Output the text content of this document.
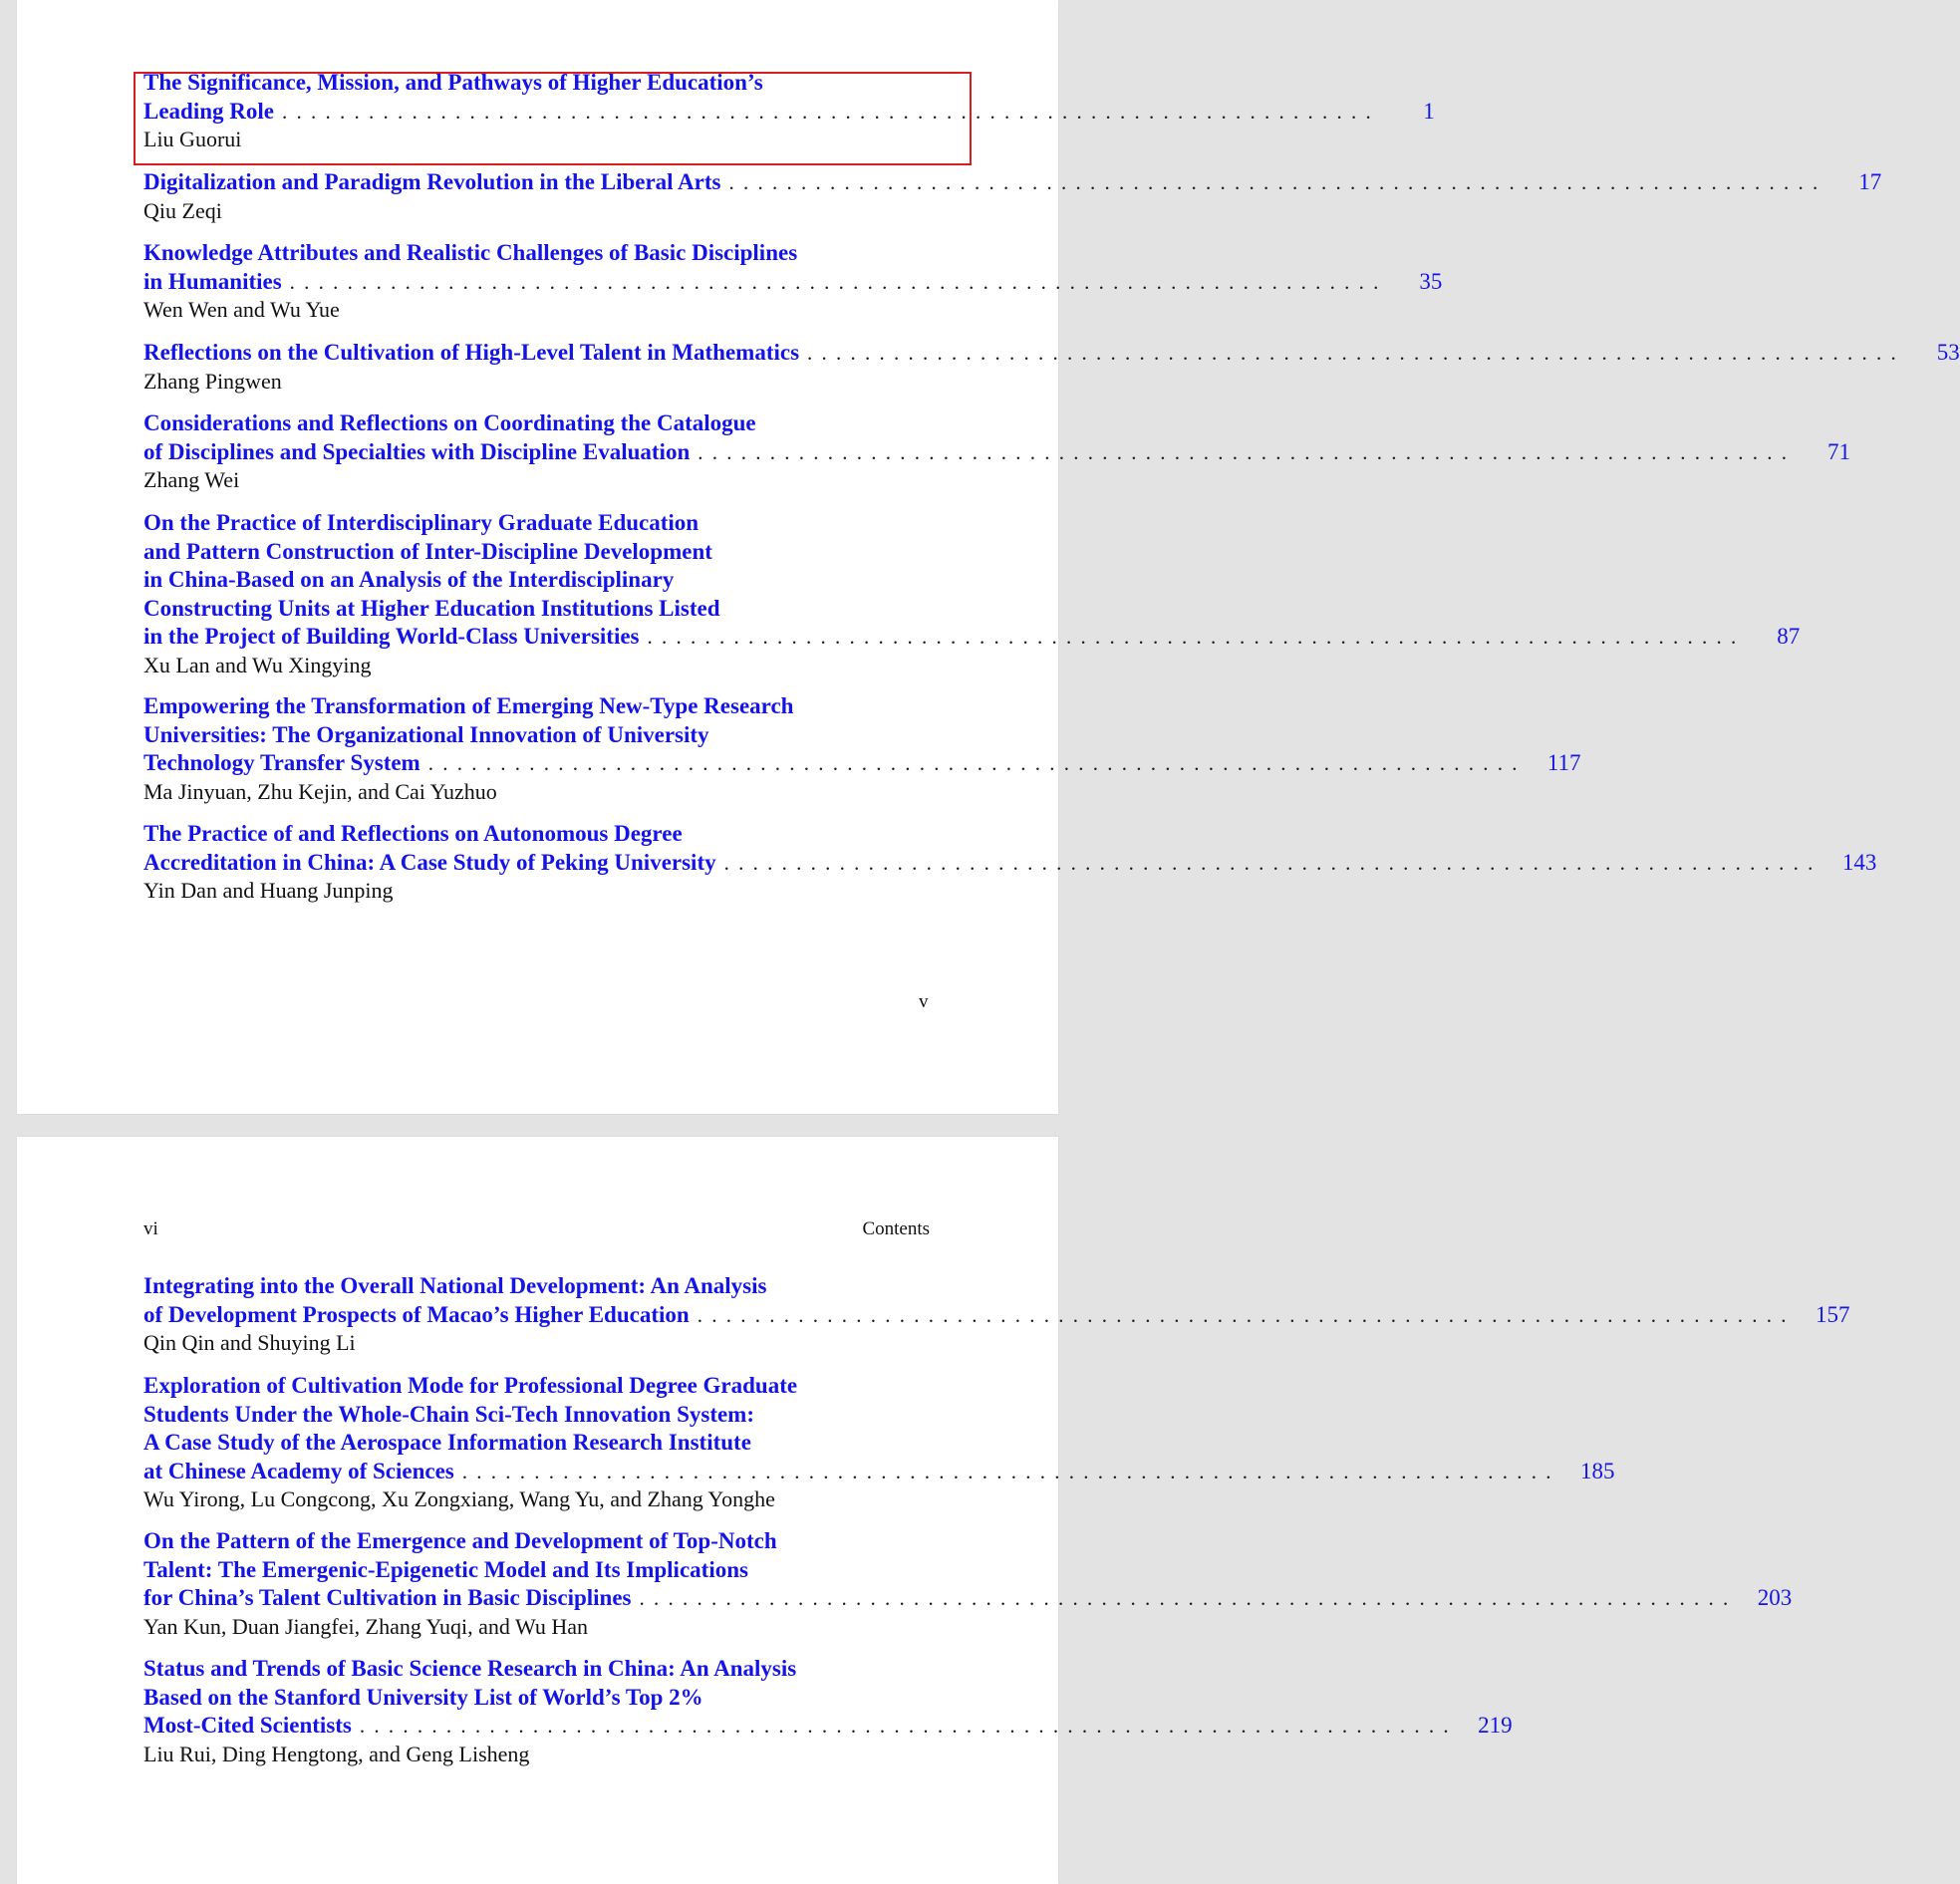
The Significance, Mission, and Pathways of Higher Education’s
Leading Role . . . . . . . . . . . . . . . . . . . . . . . . . . . . . . . . . . . . . . . . . . . . . . . . . . . . . . . . . . . . . . . . . . . . . . . . . . . .	1
Liu Guorui
Digitalization and Paradigm Revolution in the Liberal Arts . . . . . . . . . . . . . . . . . . . . . . . . . . . . . . . . . . . . . . . . . . . . . . . . . . . . . . . . . . . . . . . . . . . . . . . . . . . .	17
Qiu Zeqi
Knowledge Attributes and Realistic Challenges of Basic Disciplines
in Humanities . . . . . . . . . . . . . . . . . . . . . . . . . . . . . . . . . . . . . . . . . . . . . . . . . . . . . . . . . . . . . . . . . . . . . . . . . . . .	35
Wen Wen and Wu Yue
Reflections on the Cultivation of High-Level Talent in Mathematics . . . . . . . . . . . . . . . . . . . . . . . . . . . . . . . . . . . . . . . . . . . . . . . . . . . . . . . . . . . . . . . . . . . . . . . . . . . .	53
Zhang Pingwen
Considerations and Reflections on Coordinating the Catalogue
of Disciplines and Specialties with Discipline Evaluation . . . . . . . . . . . . . . . . . . . . . . . . . . . . . . . . . . . . . . . . . . . . . . . . . . . . . . . . . . . . . . . . . . . . . . . . . . . .	71
Zhang Wei
On the Practice of Interdisciplinary Graduate Education
and Pattern Construction of Inter-Discipline Development
in China-Based on an Analysis of the Interdisciplinary
Constructing Units at Higher Education Institutions Listed
in the Project of Building World-Class Universities . . . . . . . . . . . . . . . . . . . . . . . . . . . . . . . . . . . . . . . . . . . . . . . . . . . . . . . . . . . . . . . . . . . . . . . . . . . .	87
Xu Lan and Wu Xingying
Empowering the Transformation of Emerging New-Type Research
Universities: The Organizational Innovation of University
Technology Transfer System . . . . . . . . . . . . . . . . . . . . . . . . . . . . . . . . . . . . . . . . . . . . . . . . . . . . . . . . . . . . . . . . . . . . . . . . . . . .	117
Ma Jinyuan, Zhu Kejin, and Cai Yuzhuo
The Practice of and Reflections on Autonomous Degree
Accreditation in China: A Case Study of Peking University . . . . . . . . . . . . . . . . . . . . . . . . . . . . . . . . . . . . . . . . . . . . . . . . . . . . . . . . . . . . . . . . . . . . . . . . . . . .	143
Yin Dan and Huang Junping
v
vi	Contents
Integrating into the Overall National Development: An Analysis
of Development Prospects of Macao’s Higher Education . . . . . . . . . . . . . . . . . . . . . . . . . . . . . . . . . . . . . . . . . . . . . . . . . . . . . . . . . . . . . . . . . . . . . . . . . . . .	157
Qin Qin and Shuying Li
Exploration of Cultivation Mode for Professional Degree Graduate
Students Under the Whole-Chain Sci-Tech Innovation System:
A Case Study of the Aerospace Information Research Institute
at Chinese Academy of Sciences . . . . . . . . . . . . . . . . . . . . . . . . . . . . . . . . . . . . . . . . . . . . . . . . . . . . . . . . . . . . . . . . . . . . . . . . . . . .	185
Wu Yirong, Lu Congcong, Xu Zongxiang, Wang Yu, and Zhang Yonghe
On the Pattern of the Emergence and Development of Top-Notch
Talent: The Emergenic-Epigenetic Model and Its Implications
for China’s Talent Cultivation in Basic Disciplines . . . . . . . . . . . . . . . . . . . . . . . . . . . . . . . . . . . . . . . . . . . . . . . . . . . . . . . . . . . . . . . . . . . . . . . . . . . .	203
Yan Kun, Duan Jiangfei, Zhang Yuqi, and Wu Han
Status and Trends of Basic Science Research in China: An Analysis
Based on the Stanford University List of World’s Top 2%
Most-Cited Scientists . . . . . . . . . . . . . . . . . . . . . . . . . . . . . . . . . . . . . . . . . . . . . . . . . . . . . . . . . . . . . . . . . . . . . . . . . . . .	219
Liu Rui, Ding Hengtong, and Geng Lisheng
